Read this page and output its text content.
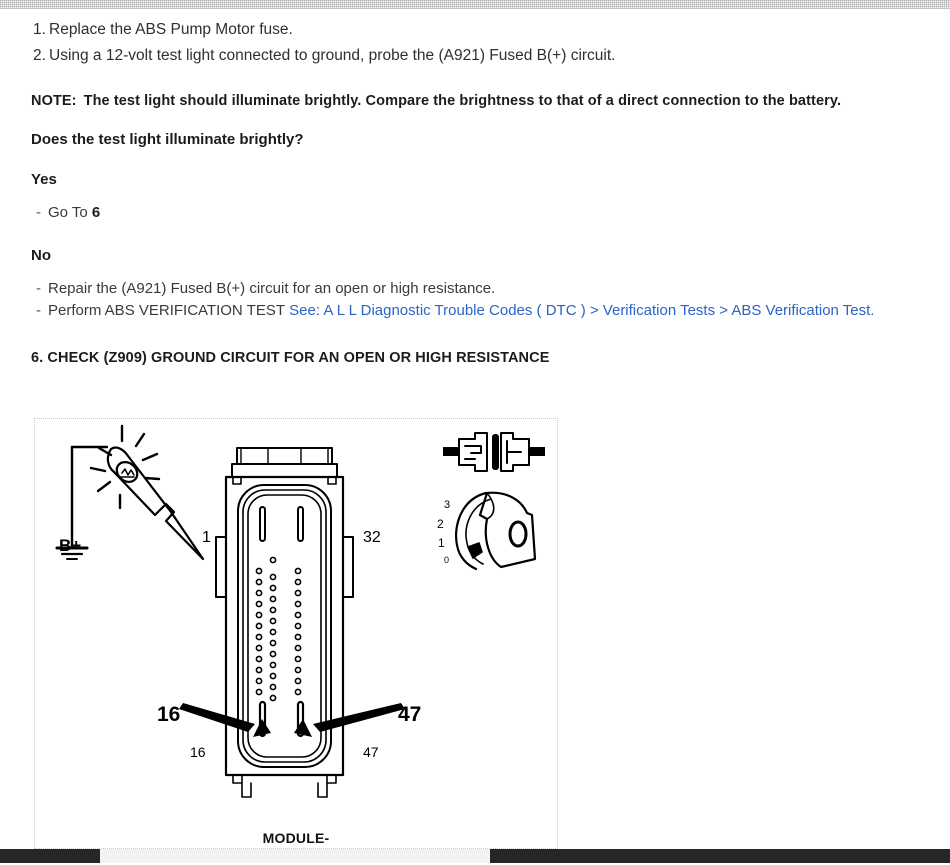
1. Replace the ABS Pump Motor fuse.
2. Using a 12-volt test light connected to ground, probe the (A921) Fused B(+) circuit.
NOTE: The test light should illuminate brightly. Compare the brightness to that of a direct connection to the battery.
Does the test light illuminate brightly?
Yes
- Go To 6
No
- Repair the (A921) Fused B(+) circuit for an open or high resistance.
- Perform ABS VERIFICATION TEST See: A L L Diagnostic Trouble Codes ( DTC ) > Verification Tests > ABS Verification Test.
6. CHECK (Z909) GROUND CIRCUIT FOR AN OPEN OR HIGH RESISTANCE
B+	1	32
16	47
16	47
3
2
1
0
MODULE-
